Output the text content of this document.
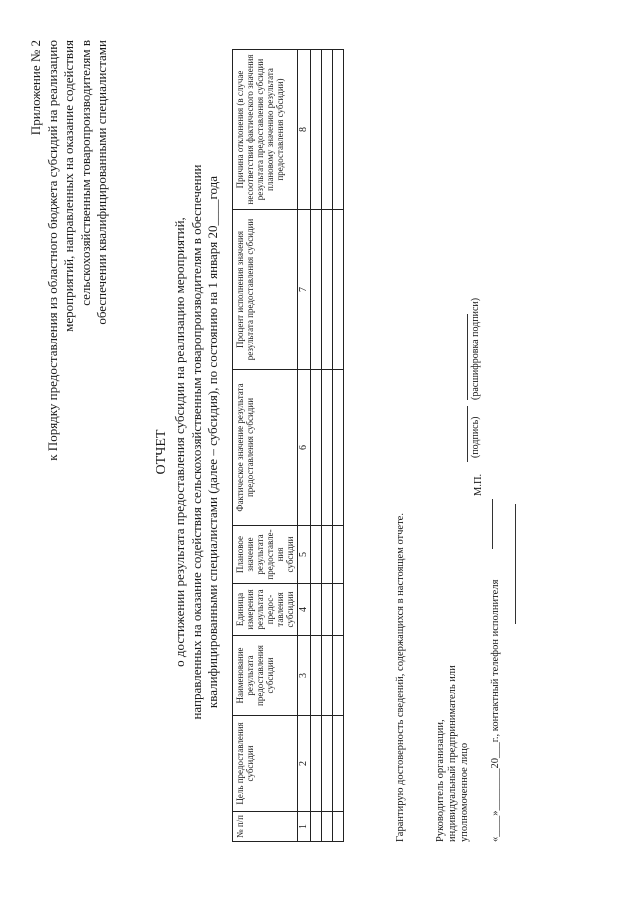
Приложение № 2 к Порядку предоставления из областного бюджета субсидий на реализацию мероприятий, направленных на оказание содействия сельскохозяйственным товаропроизводителям в обеспечении квалифицированными специалистами
ОТЧЕТ о достижении результата предоставления субсидии на реализацию мероприятий, направленных на оказание содействия сельскохозяйственным товаропроизводителям в обеспечении квалифицированными специалистами (далее – субсидия), по состоянию на 1 января 20____года
№ п/п	Цель предоставления субсидии	Наименование результата предоставления субсидии	Единица измерения результата предос-тавления субсидии	Плановое значение результата предоставле-ния субсидии	Фактическое значение результата предоставления субсидии	Процент исполнения значения результата предоставления субсидии	Причина отклонения (в случае несоответствия фактического значения результата предоставления субсидии плановому значению результата предоставления субсидии)
1	2	3	4	5	6	7	8

Гарантирую достоверность сведений, содержащихся в настоящем отчете.	Руководитель организации, индивидуальный предприниматель или уполномоченное лицо
М.П.
(подпись)
(расшифровка подписи)
«____»________20___г., контактный телефон исполнителя
